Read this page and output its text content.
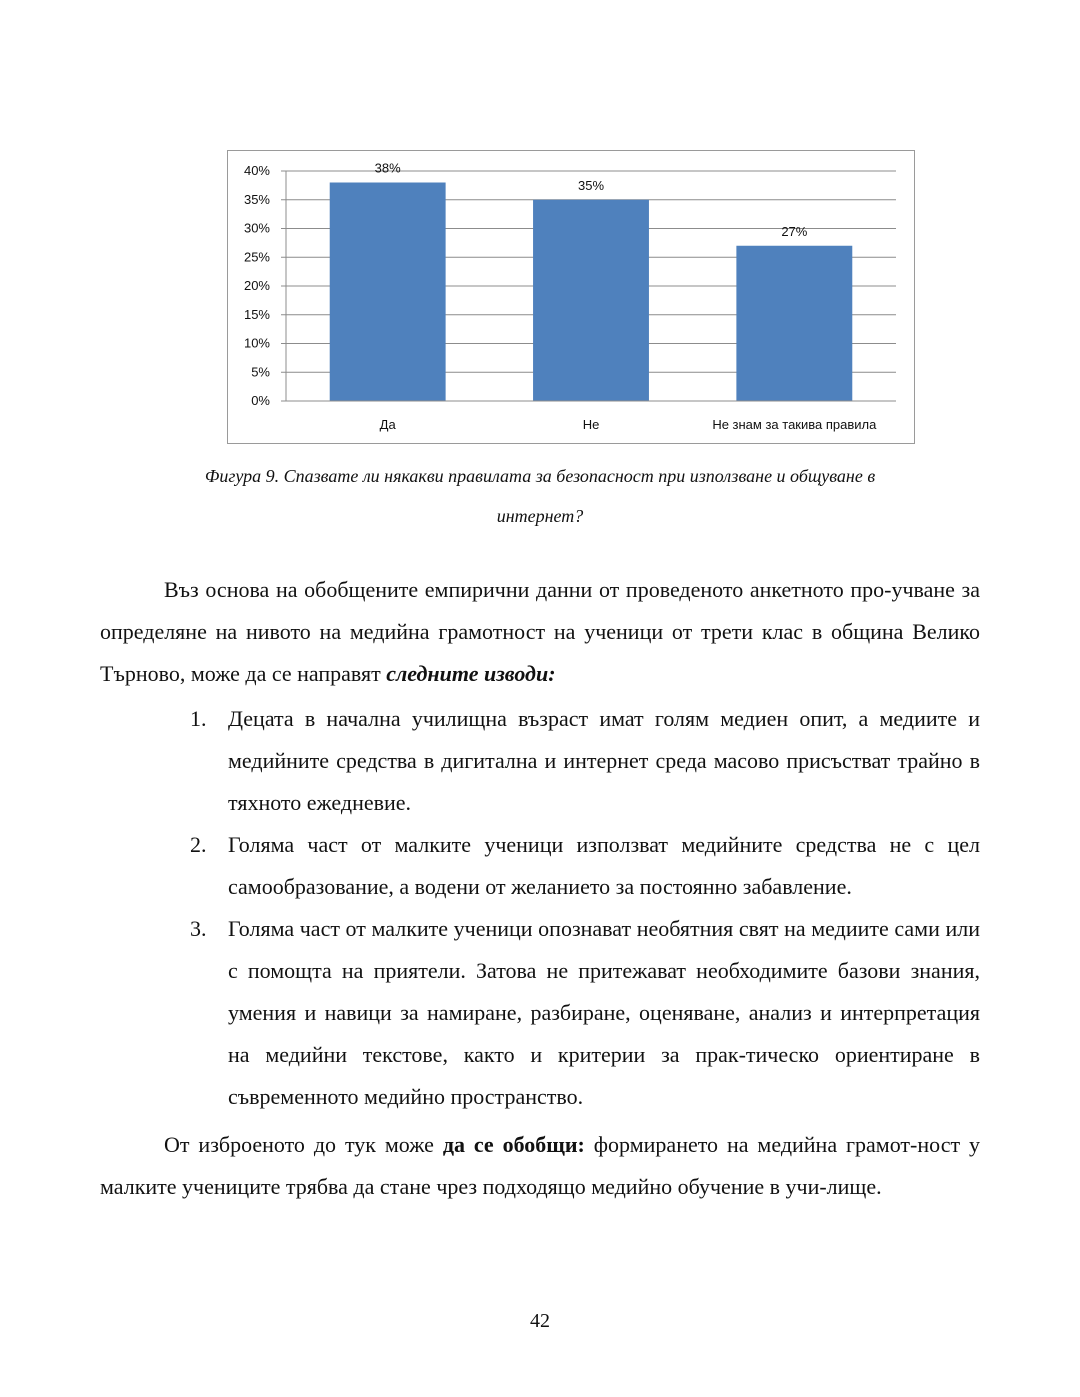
0%
5%
10%
15%
20%
25%
30%
35%
40%	38%
Да
35%
Не
27%
Не знам за такива правила
Фигура 9. Спазвате ли някакви правилата за безопасност при използване и общуване в
интернет?
Въз основа на обобщените емпирични данни от проведеното анкетното про-учване за определяне на нивото на медийна грамотност на ученици от трети клас в община Велико Търново, може да се направят следните изводи:
1. Децата в начална училищна възраст имат голям медиен опит, а медиите и медийните средства в дигитална и интернет среда масово присъстват трайно в тяхното ежедневие.
2. Голяма част от малките ученици използват медийните средства не с цел самообразование, а водени от желанието за постоянно забавление.
3. Голяма част от малките ученици опознават необятния свят на медиите сами или с помощта на приятели. Затова не притежават необходимите базови знания, умения и навици за намиране, разбиране, оценяване, анализ и интерпретация на медийни текстове, както и критерии за прак-тическо ориентиране в съвременното медийно пространство.
От изброеното до тук може да се обобщи: формирането на медийна грамот-ност у малките учениците трябва да стане чрез подходящо медийно обучение в учи-лище.
42
